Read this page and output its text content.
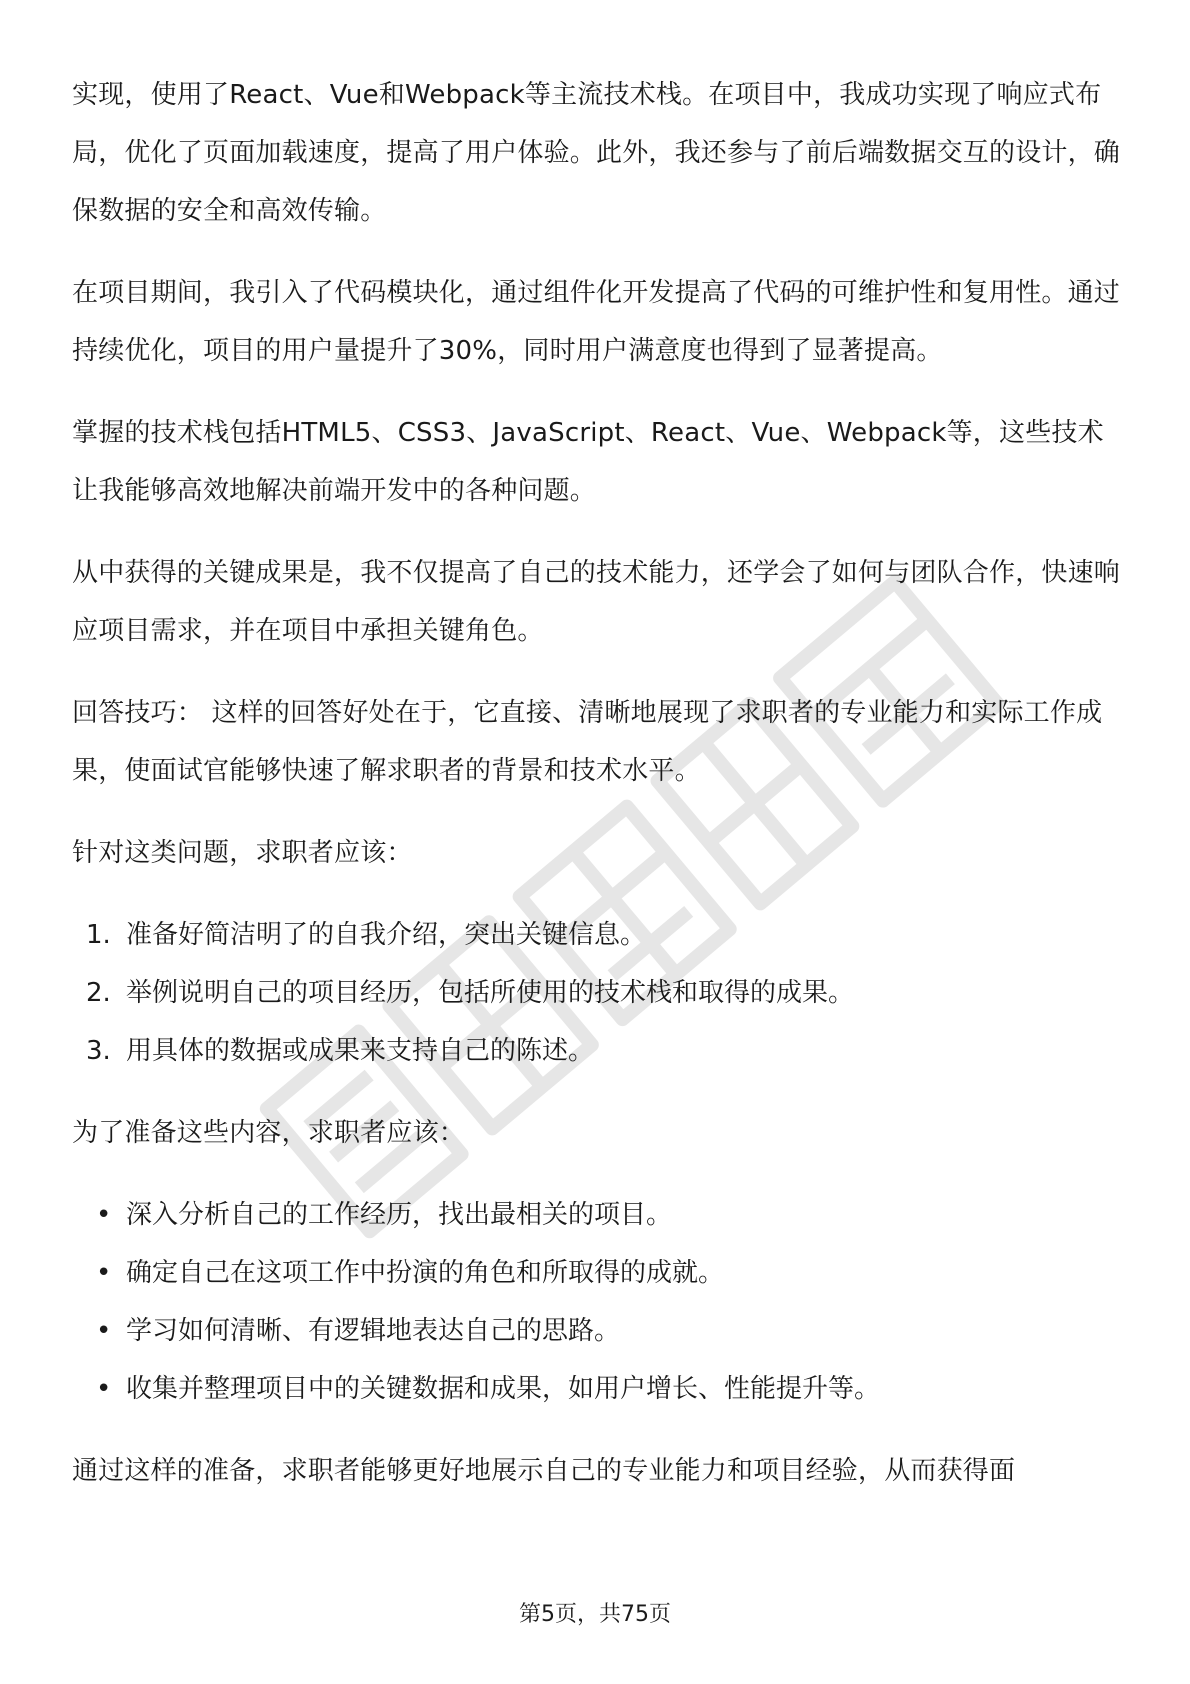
实现，使用了React、Vue和Webpack等主流技术栈。在项目中，我成功实现了响应式布局，优化了页面加载速度，提高了用户体验。此外，我还参与了前后端数据交互的设计，确保数据的安全和高效传输。

在项目期间，我引入了代码模块化，通过组件化开发提高了代码的可维护性和复用性。通过持续优化，项目的用户量提升了30%，同时用户满意度也得到了显著提高。

掌握的技术栈包括HTML5、CSS3、JavaScript、React、Vue、Webpack等，这些技术让我能够高效地解决前端开发中的各种问题。

从中获得的关键成果是，我不仅提高了自己的技术能力，还学会了如何与团队合作，快速响应项目需求，并在项目中承担关键角色。

回答技巧： 这样的回答好处在于，它直接、清晰地展现了求职者的专业能力和实际工作成果，使面试官能够快速了解求职者的背景和技术水平。

针对这类问题，求职者应该：

1. 准备好简洁明了的自我介绍，突出关键信息。
2. 举例说明自己的项目经历，包括所使用的技术栈和取得的成果。
3. 用具体的数据或成果来支持自己的陈述。

为了准备这些内容，求职者应该：

• 深入分析自己的工作经历，找出最相关的项目。
• 确定自己在这项工作中扮演的角色和所取得的成就。
• 学习如何清晰、有逻辑地表达自己的思路。
• 收集并整理项目中的关键数据和成果，如用户增长、性能提升等。

通过这样的准备，求职者能够更好地展示自己的专业能力和项目经验，从而获得面

第5页，共75页
